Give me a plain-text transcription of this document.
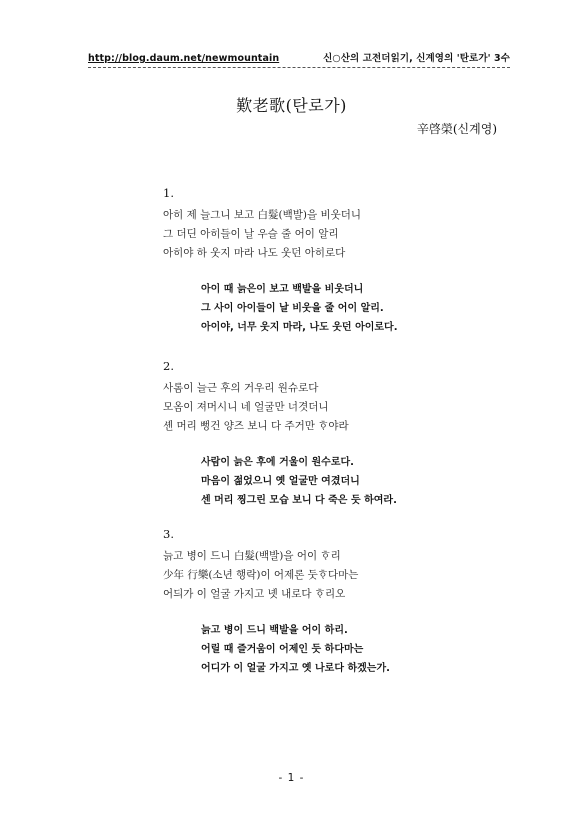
http://blog.daum.net/newmountain	신○산의 고전더읽기, 신계영의 '탄로가' 3수
歎老歌(탄로가)
辛啓榮(신계영)
1.
아히 제 늘그니 보고 白髮(백발)을 비웃더니
그 더딘 아히들이 날 우슬 줄 어이 알리
아히야 하 웃지 마라 나도 웃던 아히로다
아이 때 늙은이 보고 백발을 비웃더니
그 사이 아이들이 날 비웃을 줄 어이 알리.
아이야, 너무 웃지 마라, 나도 웃던 아이로다.
2.
사롬이 늘근 후의 거우리 원슈로다
모옴이 져머시니 네 얼굴만 너겻더니
셴 머리 뻥건 양즈 보니 다 주거만 ᄒᆞ야라
사람이 늙은 후에 거울이 원수로다.
마음이 젊었으니 옛 얼굴만 여겼더니
센 머리 찡그린 모습 보니 다 죽은 듯 하여라.
3.
늙고 병이 드니 白髮(백발)을 어이 ᄒᆞ리
少年 行樂(소년 행락)이 어제론 둣ᄒᆞ다마는
어듸가 이 얼굴 가지고 녯 내로다 ᄒᆞ리오
늙고 병이 드니 백발을 어이 하리.
어릴 때 즐거움이 어제인 듯 하다마는
어디가 이 얼굴 가지고 옛 나로다 하겠는가.
- 1 -
